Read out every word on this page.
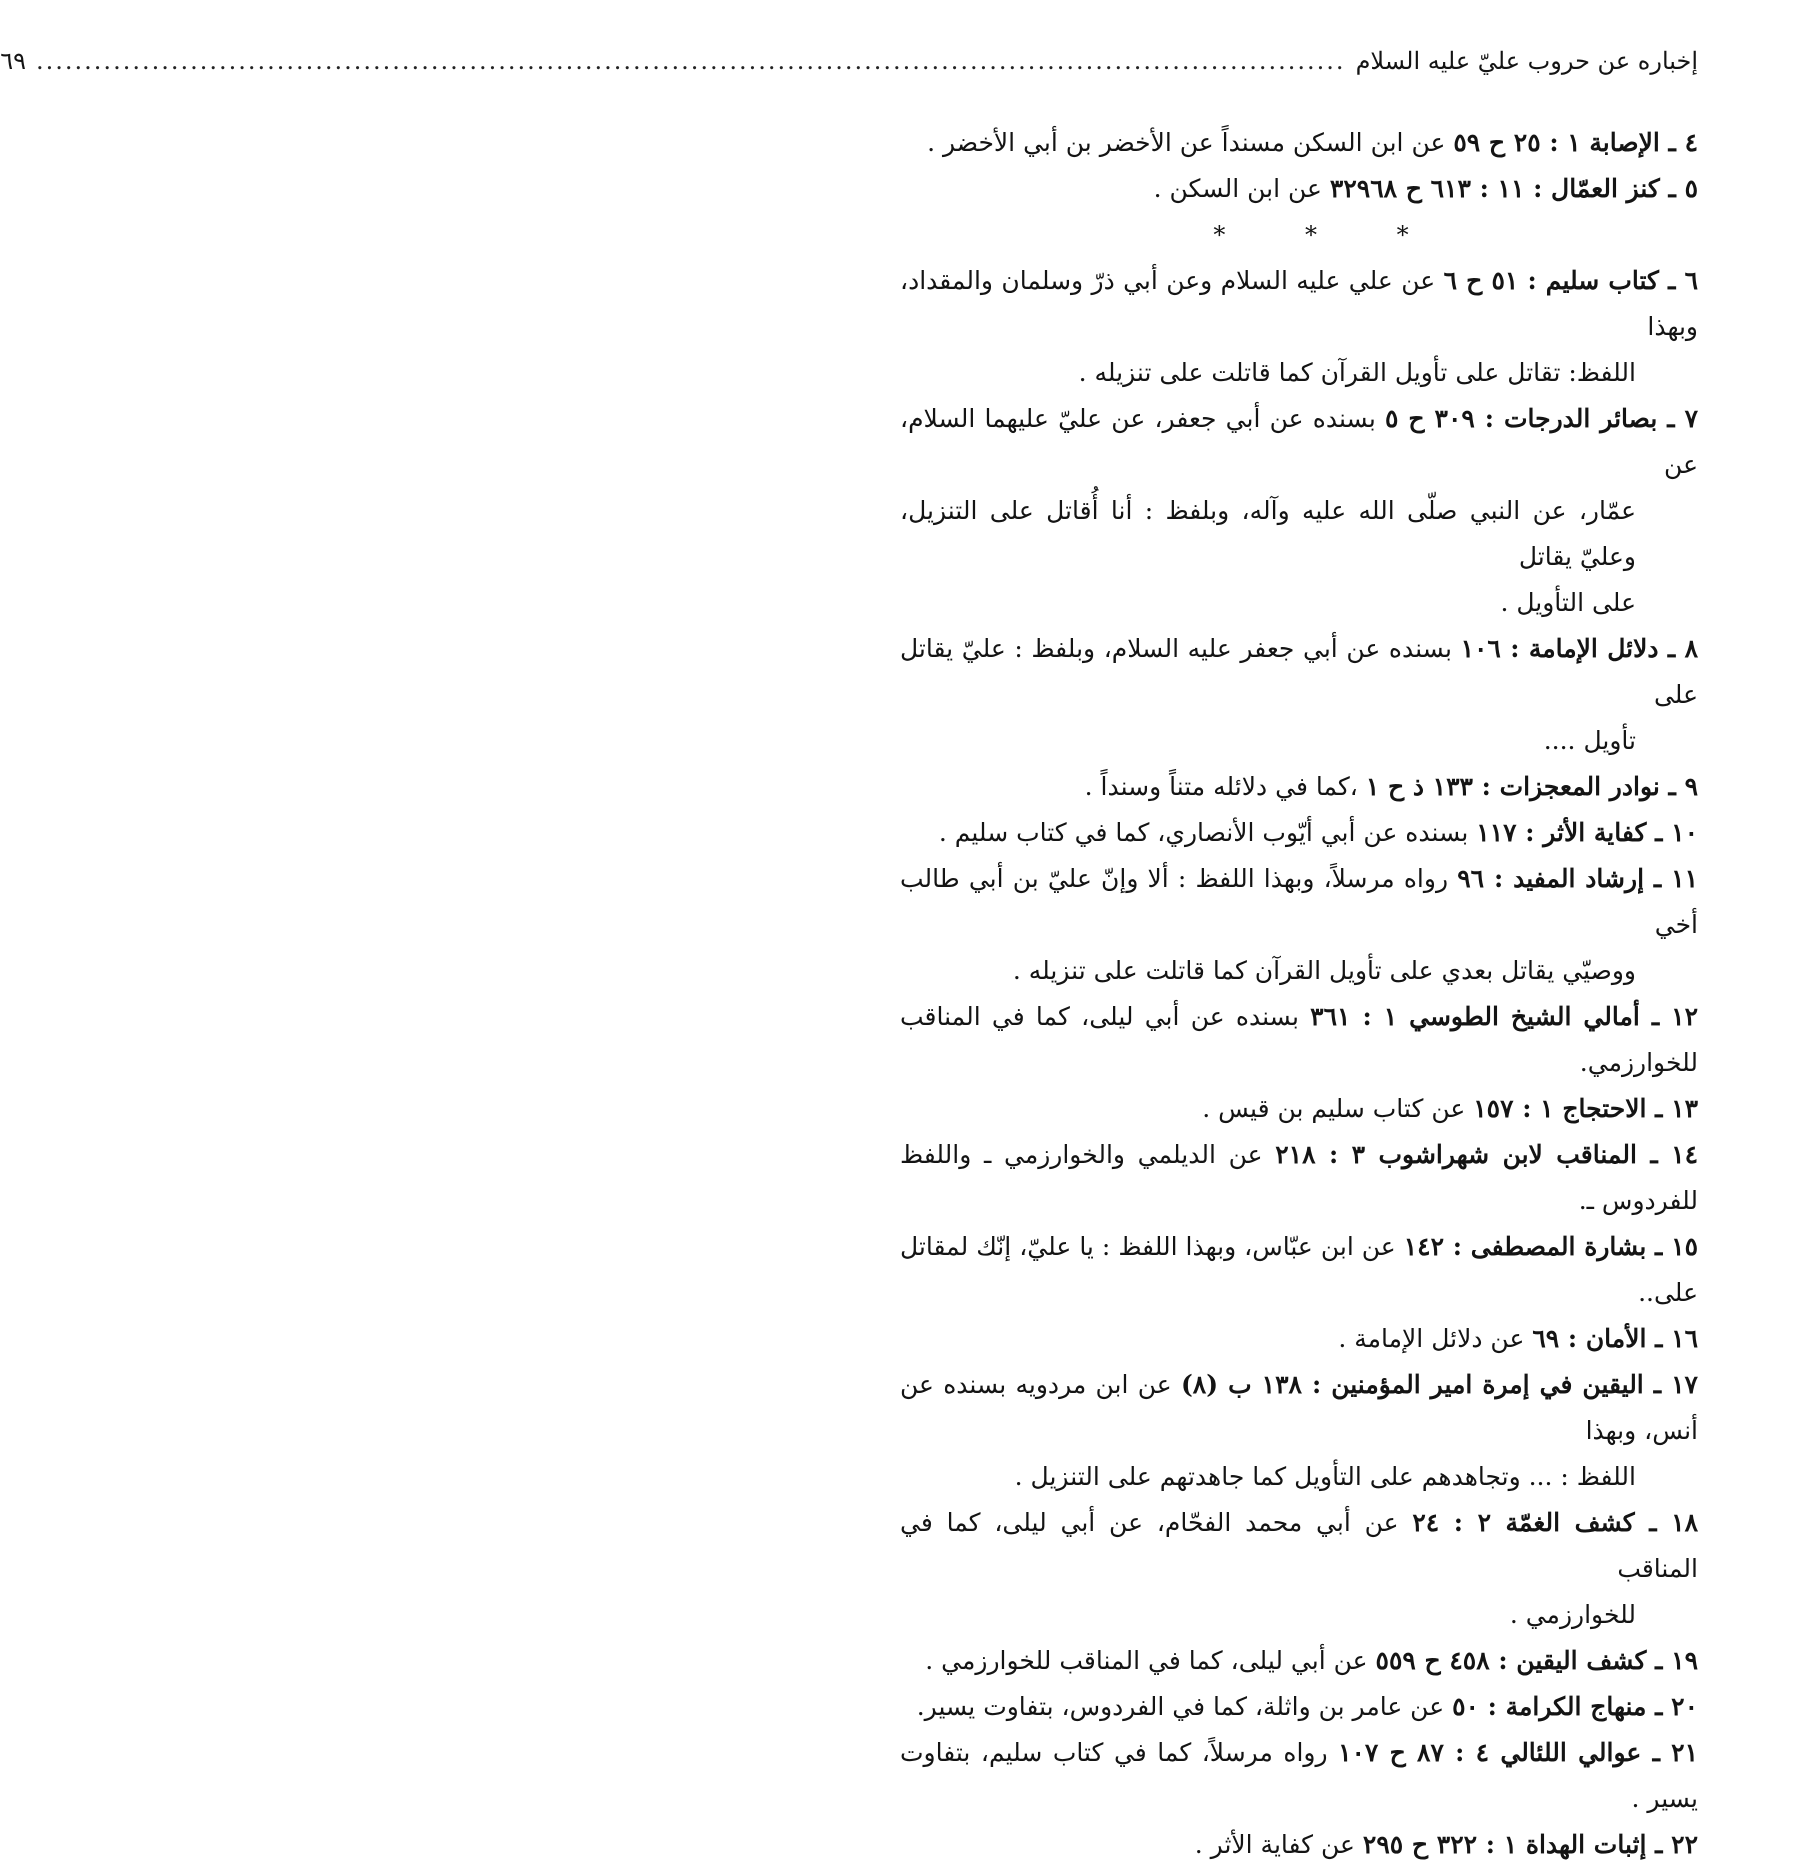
إخباره عن حروب عليّ عليه السلام
........................................................................................................................................
٦٩

٤ ـ الإصابة ١ : ٢٥ ح ٥٩ عن ابن السكن مسنداً عن الأخضر بن أبي الأخضر .

٥ ـ كنز العمّال : ١١ : ٦١٣ ح ٣٢٩٦٨ عن ابن السكن .

* * *

٦ ـ كتاب سليم : ٥١ ح ٦ عن علي عليه السلام وعن أبي ذرّ وسلمان والمقداد، وبهذا
اللفظ: تقاتل على تأويل القرآن كما قاتلت على تنزيله .

٧ ـ بصائر الدرجات : ٣٠٩ ح ٥ بسنده عن أبي جعفر، عن عليّ عليهما السلام، عن
عمّار، عن النبي صلّى الله عليه وآله، وبلفظ : أنا أُقاتل على التنزيل، وعليّ يقاتل
على التأويل .

٨ ـ دلائل الإمامة : ١٠٦ بسنده عن أبي جعفر عليه السلام، وبلفظ : عليّ يقاتل على
تأويل ....

٩ ـ نوادر المعجزات : ١٣٣ ذ ح ١ ،كما في دلائله متناً وسنداً .

١٠ ـ كفاية الأثر : ١١٧ بسنده عن أبي أيّوب الأنصاري، كما في كتاب سليم .

١١ ـ إرشاد المفيد : ٩٦ رواه مرسلاً، وبهذا اللفظ : ألا وإنّ عليّ بن أبي طالب أخي
ووصيّي يقاتل بعدي على تأويل القرآن كما قاتلت على تنزيله .

١٢ ـ أمالي الشيخ الطوسي ١ : ٣٦١ بسنده عن أبي ليلى، كما في المناقب للخوارزمي.

١٣ ـ الاحتجاج ١ : ١٥٧ عن كتاب سليم بن قيس .

١٤ ـ المناقب لابن شهراشوب ٣ : ٢١٨ عن الديلمي والخوارزمي ـ واللفظ للفردوس ـ.

١٥ ـ بشارة المصطفى : ١٤٢ عن ابن عبّاس، وبهذا اللفظ : يا عليّ، إنّك لمقاتل على..

١٦ ـ الأمان : ٦٩ عن دلائل الإمامة .

١٧ ـ اليقين في إمرة امير المؤمنين : ١٣٨ ب (٨) عن ابن مردويه بسنده عن أنس، وبهذا
اللفظ : ... وتجاهدهم على التأويل كما جاهدتهم على التنزيل .

١٨ ـ كشف الغمّة ٢ : ٢٤ عن أبي محمد الفحّام، عن أبي ليلى، كما في المناقب
للخوارزمي .

١٩ ـ كشف اليقين : ٤٥٨ ح ٥٥٩ عن أبي ليلى، كما في المناقب للخوارزمي .

٢٠ ـ منهاج الكرامة : ٥٠ عن عامر بن واثلة، كما في الفردوس، بتفاوت يسير.

٢١ ـ عوالي اللئالي ٤ : ٨٧ ح ١٠٧ رواه مرسلاً، كما في كتاب سليم، بتفاوت يسير .

٢٢ ـ إثبات الهداة ١ : ٣٢٢ ح ٢٩٥ عن كفاية الأثر .
